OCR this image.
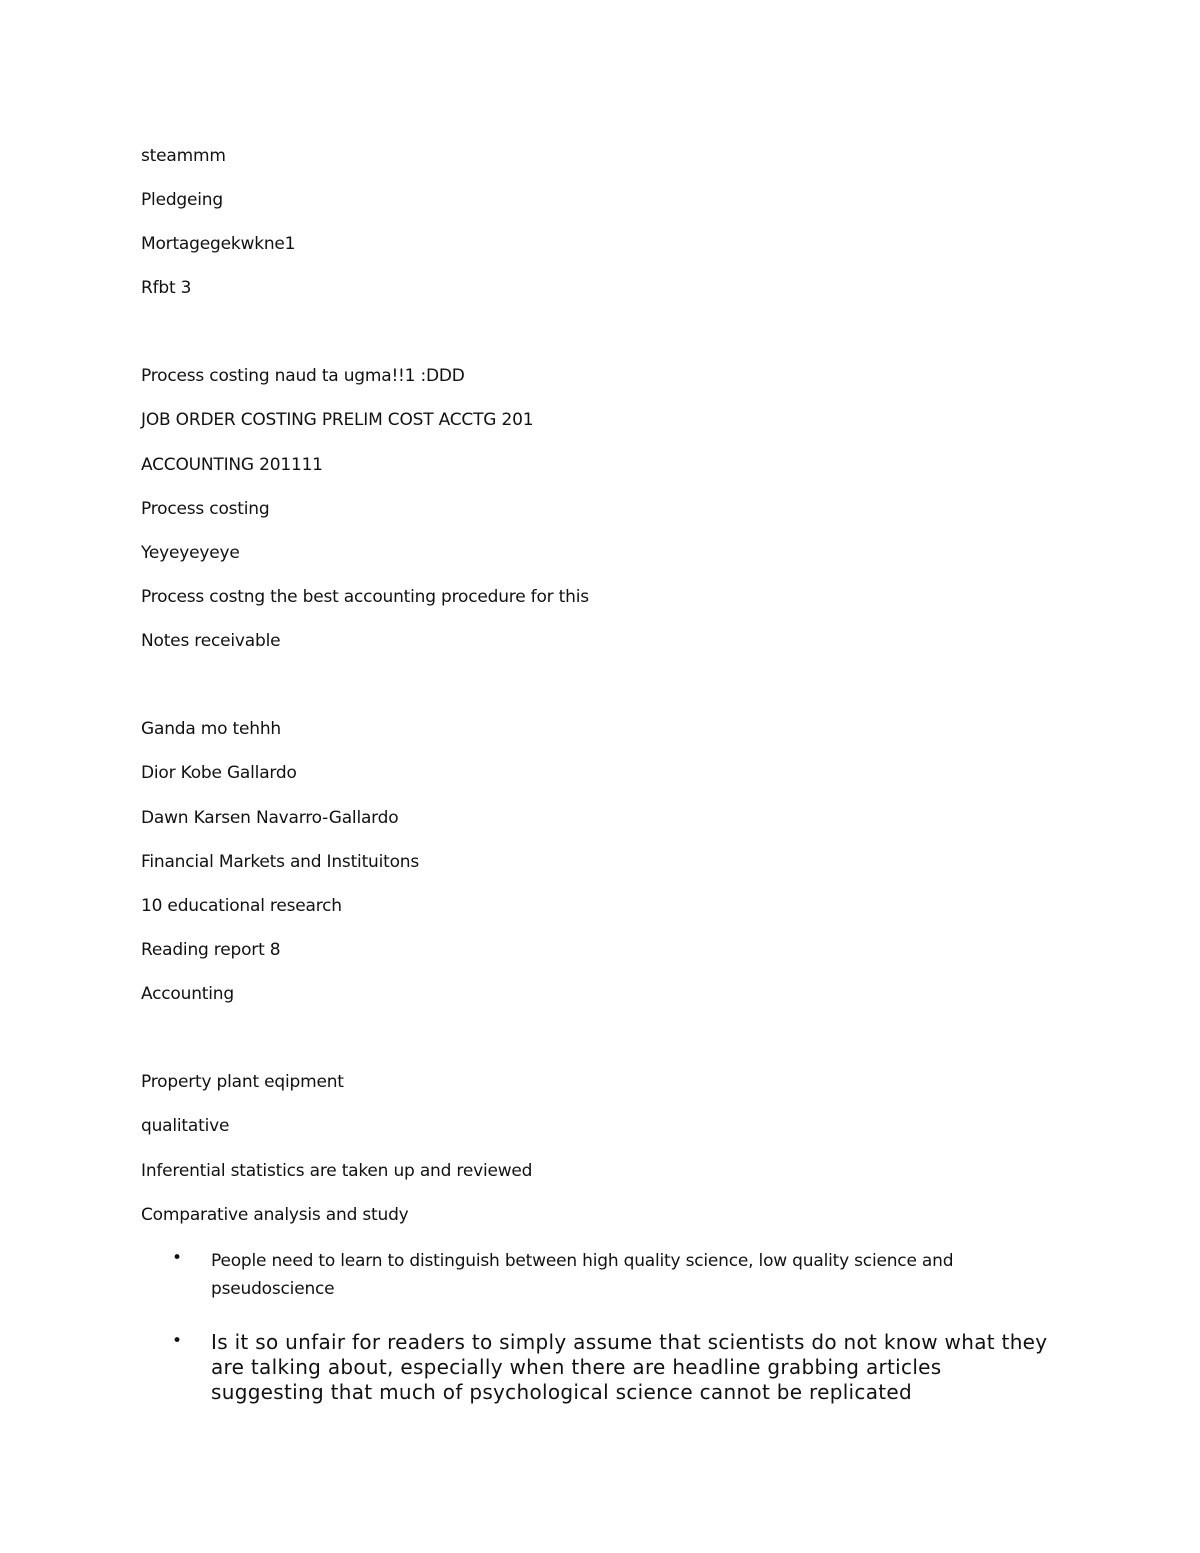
steammm
Pledgeing
Mortagegekwkne1
Rfbt 3
Process costing naud ta ugma!!1 :DDD
JOB ORDER COSTING PRELIM COST ACCTG 201
ACCOUNTING 201111
Process costing
Yeyeyeyeye
Process costng the best accounting procedure for this
Notes receivable
Ganda mo tehhh
Dior Kobe Gallardo
Dawn Karsen Navarro-Gallardo
Financial Markets and Instituitons
10 educational research
Reading report 8
Accounting
Property plant eqipment
qualitative
Inferential statistics are taken up and reviewed
Comparative analysis and study
• People need to learn to distinguish between high quality science, low quality science and pseudoscience
• Is it so unfair for readers to simply assume that scientists do not know what they are talking about, especially when there are headline grabbing articles suggesting that much of psychological science cannot be replicated
